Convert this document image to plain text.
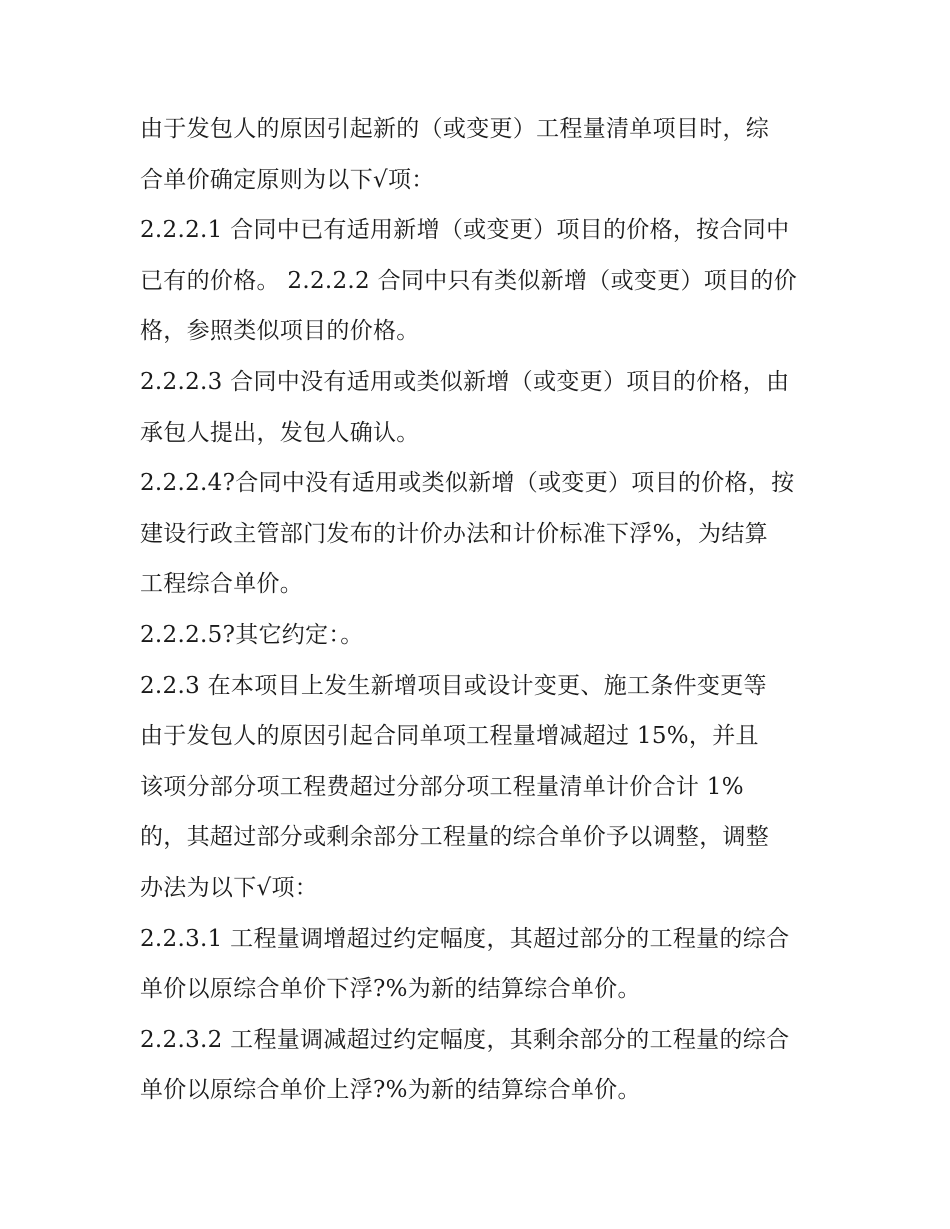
由于发包人的原因引起新的（或变更）工程量清单项目时，综
合单价确定原则为以下√项：
2.2.2.1 合同中已有适用新增（或变更）项目的价格，按合同中
已有的价格。 2.2.2.2 合同中只有类似新增（或变更）项目的价
格，参照类似项目的价格。
2.2.2.3 合同中没有适用或类似新增（或变更）项目的价格，由
承包人提出，发包人确认。
2.2.2.4?合同中没有适用或类似新增（或变更）项目的价格，按
建设行政主管部门发布的计价办法和计价标准下浮%，为结算
工程综合单价。
2.2.2.5?其它约定：。
2.2.3 在本项目上发生新增项目或设计变更、施工条件变更等
由于发包人的原因引起合同单项工程量增减超过 15%，并且
该项分部分项工程费超过分部分项工程量清单计价合计 1%
的，其超过部分或剩余部分工程量的综合单价予以调整，调整
办法为以下√项：
2.2.3.1 工程量调增超过约定幅度，其超过部分的工程量的综合
单价以原综合单价下浮?%为新的结算综合单价。
2.2.3.2 工程量调减超过约定幅度，其剩余部分的工程量的综合
单价以原综合单价上浮?%为新的结算综合单价。
